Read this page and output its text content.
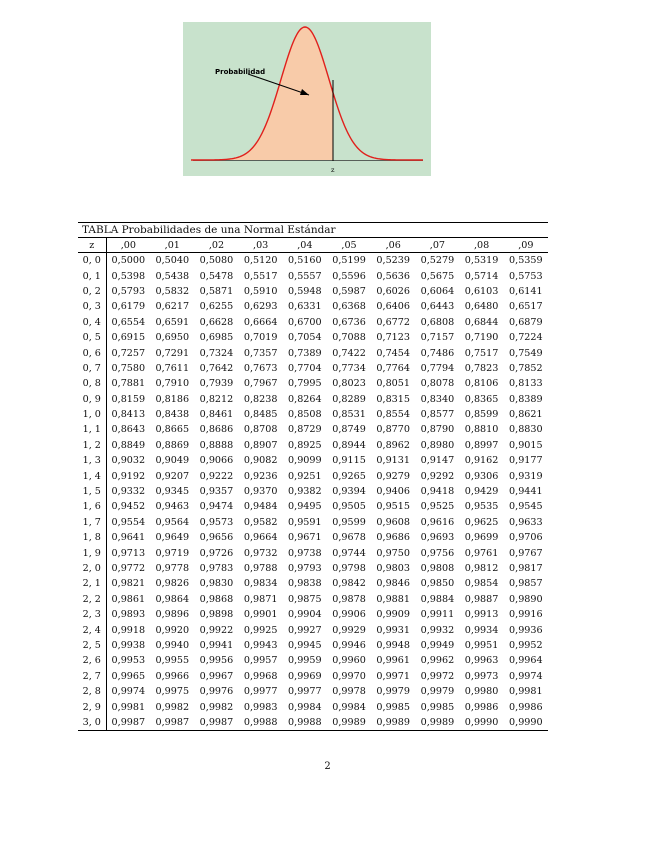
Probabilidad
z
TABLA Probabilidades de una Normal Estándar
z	,00	,01	,02	,03	,04	,05	,06	,07	,08	,09
0, 0	0,5000	0,5040	0,5080	0,5120	0,5160	0,5199	0,5239	0,5279	0,5319	0,5359
0, 1	0,5398	0,5438	0,5478	0,5517	0,5557	0,5596	0,5636	0,5675	0,5714	0,5753
0, 2	0,5793	0,5832	0,5871	0,5910	0,5948	0,5987	0,6026	0,6064	0,6103	0,6141
0, 3	0,6179	0,6217	0,6255	0,6293	0,6331	0,6368	0,6406	0,6443	0,6480	0,6517
0, 4	0,6554	0,6591	0,6628	0,6664	0,6700	0,6736	0,6772	0,6808	0,6844	0,6879
0, 5	0,6915	0,6950	0,6985	0,7019	0,7054	0,7088	0,7123	0,7157	0,7190	0,7224
0, 6	0,7257	0,7291	0,7324	0,7357	0,7389	0,7422	0,7454	0,7486	0,7517	0,7549
0, 7	0,7580	0,7611	0,7642	0,7673	0,7704	0,7734	0,7764	0,7794	0,7823	0,7852
0, 8	0,7881	0,7910	0,7939	0,7967	0,7995	0,8023	0,8051	0,8078	0,8106	0,8133
0, 9	0,8159	0,8186	0,8212	0,8238	0,8264	0,8289	0,8315	0,8340	0,8365	0,8389
1, 0	0,8413	0,8438	0,8461	0,8485	0,8508	0,8531	0,8554	0,8577	0,8599	0,8621
1, 1	0,8643	0,8665	0,8686	0,8708	0,8729	0,8749	0,8770	0,8790	0,8810	0,8830
1, 2	0,8849	0,8869	0,8888	0,8907	0,8925	0,8944	0,8962	0,8980	0,8997	0,9015
1, 3	0,9032	0,9049	0,9066	0,9082	0,9099	0,9115	0,9131	0,9147	0,9162	0,9177
1, 4	0,9192	0,9207	0,9222	0,9236	0,9251	0,9265	0,9279	0,9292	0,9306	0,9319
1, 5	0,9332	0,9345	0,9357	0,9370	0,9382	0,9394	0,9406	0,9418	0,9429	0,9441
1, 6	0,9452	0,9463	0,9474	0,9484	0,9495	0,9505	0,9515	0,9525	0,9535	0,9545
1, 7	0,9554	0,9564	0,9573	0,9582	0,9591	0,9599	0,9608	0,9616	0,9625	0,9633
1, 8	0,9641	0,9649	0,9656	0,9664	0,9671	0,9678	0,9686	0,9693	0,9699	0,9706
1, 9	0,9713	0,9719	0,9726	0,9732	0,9738	0,9744	0,9750	0,9756	0,9761	0,9767
2, 0	0,9772	0,9778	0,9783	0,9788	0,9793	0,9798	0,9803	0,9808	0,9812	0,9817
2, 1	0,9821	0,9826	0,9830	0,9834	0,9838	0,9842	0,9846	0,9850	0,9854	0,9857
2, 2	0,9861	0,9864	0,9868	0,9871	0,9875	0,9878	0,9881	0,9884	0,9887	0,9890
2, 3	0,9893	0,9896	0,9898	0,9901	0,9904	0,9906	0,9909	0,9911	0,9913	0,9916
2, 4	0,9918	0,9920	0,9922	0,9925	0,9927	0,9929	0,9931	0,9932	0,9934	0,9936
2, 5	0,9938	0,9940	0,9941	0,9943	0,9945	0,9946	0,9948	0,9949	0,9951	0,9952
2, 6	0,9953	0,9955	0,9956	0,9957	0,9959	0,9960	0,9961	0,9962	0,9963	0,9964
2, 7	0,9965	0,9966	0,9967	0,9968	0,9969	0,9970	0,9971	0,9972	0,9973	0,9974
2, 8	0,9974	0,9975	0,9976	0,9977	0,9977	0,9978	0,9979	0,9979	0,9980	0,9981
2, 9	0,9981	0,9982	0,9982	0,9983	0,9984	0,9984	0,9985	0,9985	0,9986	0,9986
3, 0	0,9987	0,9987	0,9987	0,9988	0,9988	0,9989	0,9989	0,9989	0,9990	0,9990
2
